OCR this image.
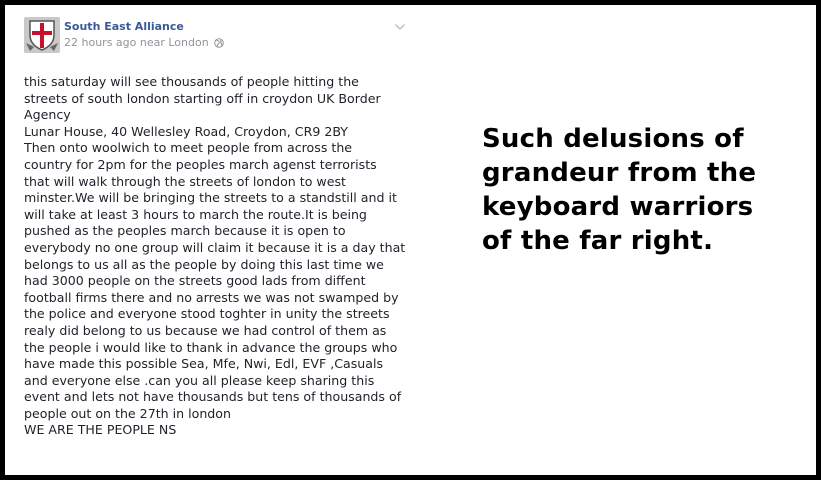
South East Alliance
22 hours ago near London
this saturday will see thousands of people hitting the
streets of south london starting off in croydon UK Border
Agency
Lunar House, 40 Wellesley Road, Croydon, CR9 2BY
Then onto woolwich to meet people from across the
country for 2pm for the peoples march agenst terrorists
that will walk through the streets of london to west
minster.We will be bringing the streets to a standstill and it
will take at least 3 hours to march the route.It is being
pushed as the peoples march because it is open to
everybody no one group will claim it because it is a day that
belongs to us all as the people by doing this last time we
had 3000 people on the streets good lads from diffent
football firms there and no arrests we was not swamped by
the police and everyone stood toghter in unity the streets
realy did belong to us because we had control of them as
the people i would like to thank in advance the groups who
have made this possible Sea, Mfe, Nwi, Edl, EVF ,Casuals
and everyone else .can you all please keep sharing this
event and lets not have thousands but tens of thousands of
people out on the 27th in london
WE ARE THE PEOPLE NS
Such delusions of
grandeur from the
keyboard warriors
of the far right.
